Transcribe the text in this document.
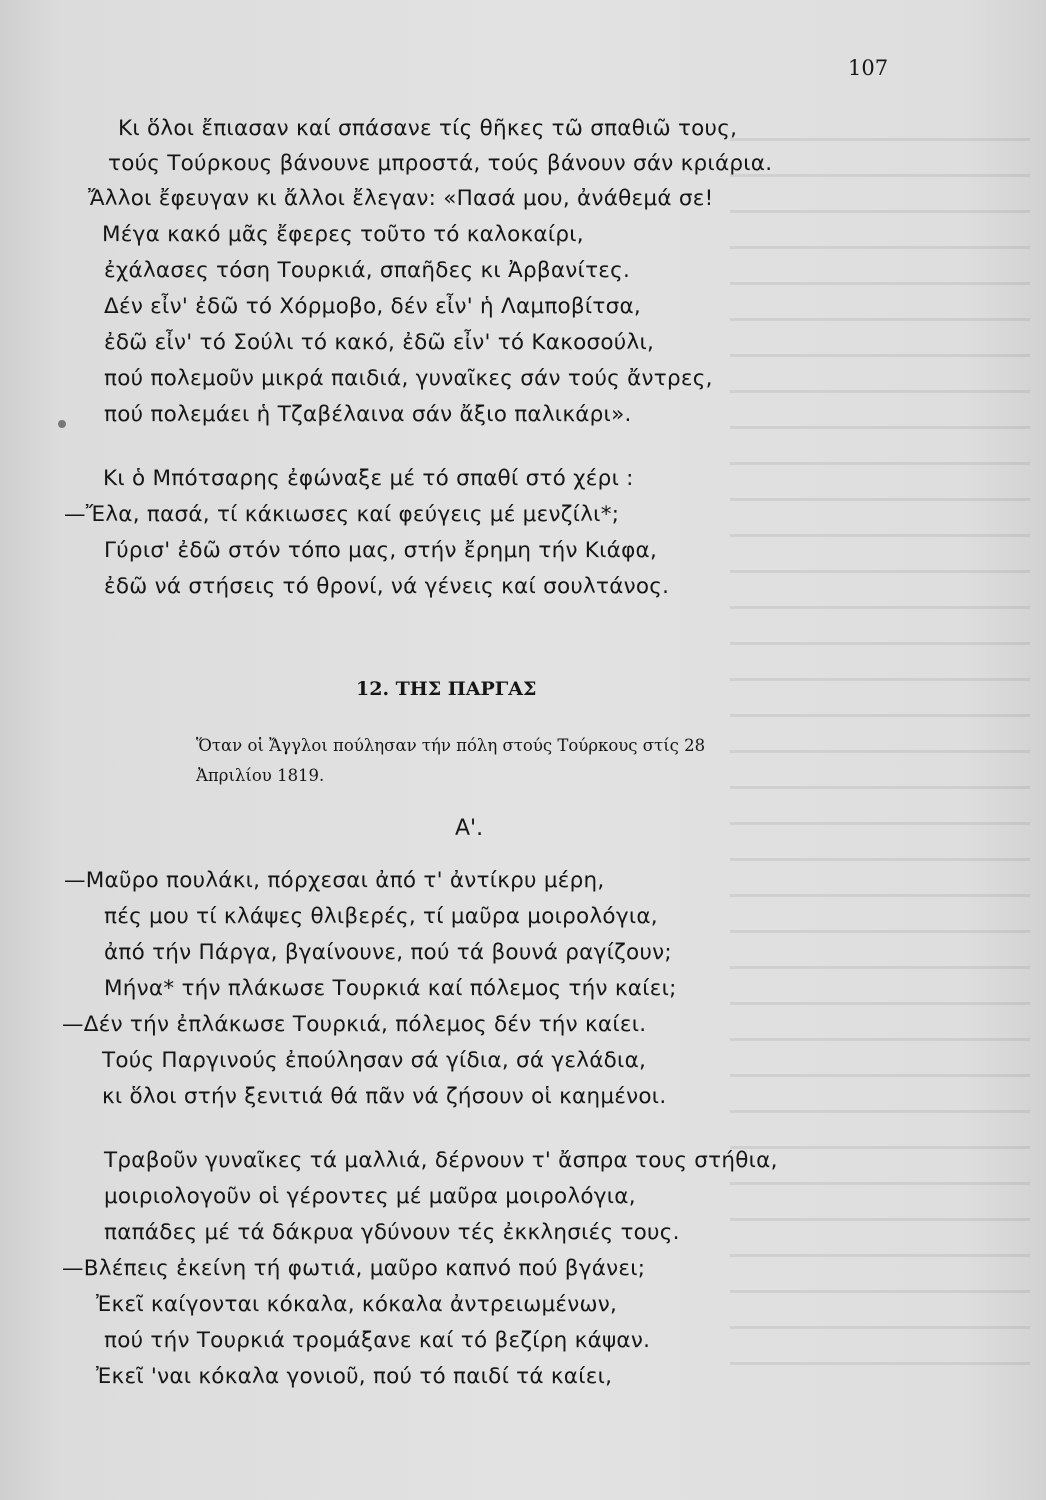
107
Κι ὅλοι ἔπιασαν καί σπάσανε τίς θῆκες τῶ σπαθιῶ τους,
τούς Τούρκους βάνουνε μπροστά, τούς βάνουν σάν κριάρια.
Ἄλλοι ἔφευγαν κι ἄλλοι ἔλεγαν: «Πασά μου, ἀνάθεμά σε!
Μέγα κακό μᾶς ἔφερες τοῦτο τό καλοκαίρι,
ἐχάλασες τόση Τουρκιά, σπαῆδες κι Ἀρβανίτες.
Δέν εἶν' ἐδῶ τό Χόρμοβο, δέν εἶν' ἡ Λαμποβίτσα,
ἐδῶ εἶν' τό Σούλι τό κακό, ἐδῶ εἶν' τό Κακοσούλι,
πού πολεμοῦν μικρά παιδιά, γυναῖκες σάν τούς ἄντρες,
πού πολεμάει ἡ Τζαβέλαινα σάν ἄξιο παλικάρι».
Κι ὁ Μπότσαρης ἐφώναξε μέ τό σπαθί στό χέρι :
—Ἔλα, πασά, τί κάκιωσες καί φεύγεις μέ μενζίλι*;
Γύρισ' ἐδῶ στόν τόπο μας, στήν ἔρημη τήν Κιάφα,
ἐδῶ νά στήσεις τό θρονί, νά γένεις καί σουλτάνος.
12. ΤΗΣ ΠΑΡΓΑΣ
Ὅταν οἱ Ἄγγλοι πούλησαν τήν πόλη στούς Τούρκους στίς 28
Ἀπριλίου 1819.
Α'.
—Μαῦρο πουλάκι, πόρχεσαι ἀπό τ' ἀντίκρυ μέρη,
πές μου τί κλάψες θλιβερές, τί μαῦρα μοιρολόγια,
ἀπό τήν Πάργα, βγαίνουνε, πού τά βουνά ραγίζουν;
Μήνα* τήν πλάκωσε Τουρκιά καί πόλεμος τήν καίει;
—Δέν τήν ἐπλάκωσε Τουρκιά, πόλεμος δέν τήν καίει.
Τούς Παργινούς ἐπούλησαν σά γίδια, σά γελάδια,
κι ὅλοι στήν ξενιτιά θά πᾶν νά ζήσουν οἱ καημένοι.
Τραβοῦν γυναῖκες τά μαλλιά, δέρνουν τ' ἄσπρα τους στήθια,
μοιριολογοῦν οἱ γέροντες μέ μαῦρα μοιρολόγια,
παπάδες μέ τά δάκρυα γδύνουν τές ἐκκλησιές τους.
—Βλέπεις ἐκείνη τή φωτιά, μαῦρο καπνό πού βγάνει;
Ἐκεῖ καίγονται κόκαλα, κόκαλα ἀντρειωμένων,
πού τήν Τουρκιά τρομάξανε καί τό βεζίρη κάψαν.
Ἐκεῖ 'ναι κόκαλα γονιοῦ, πού τό παιδί τά καίει,
